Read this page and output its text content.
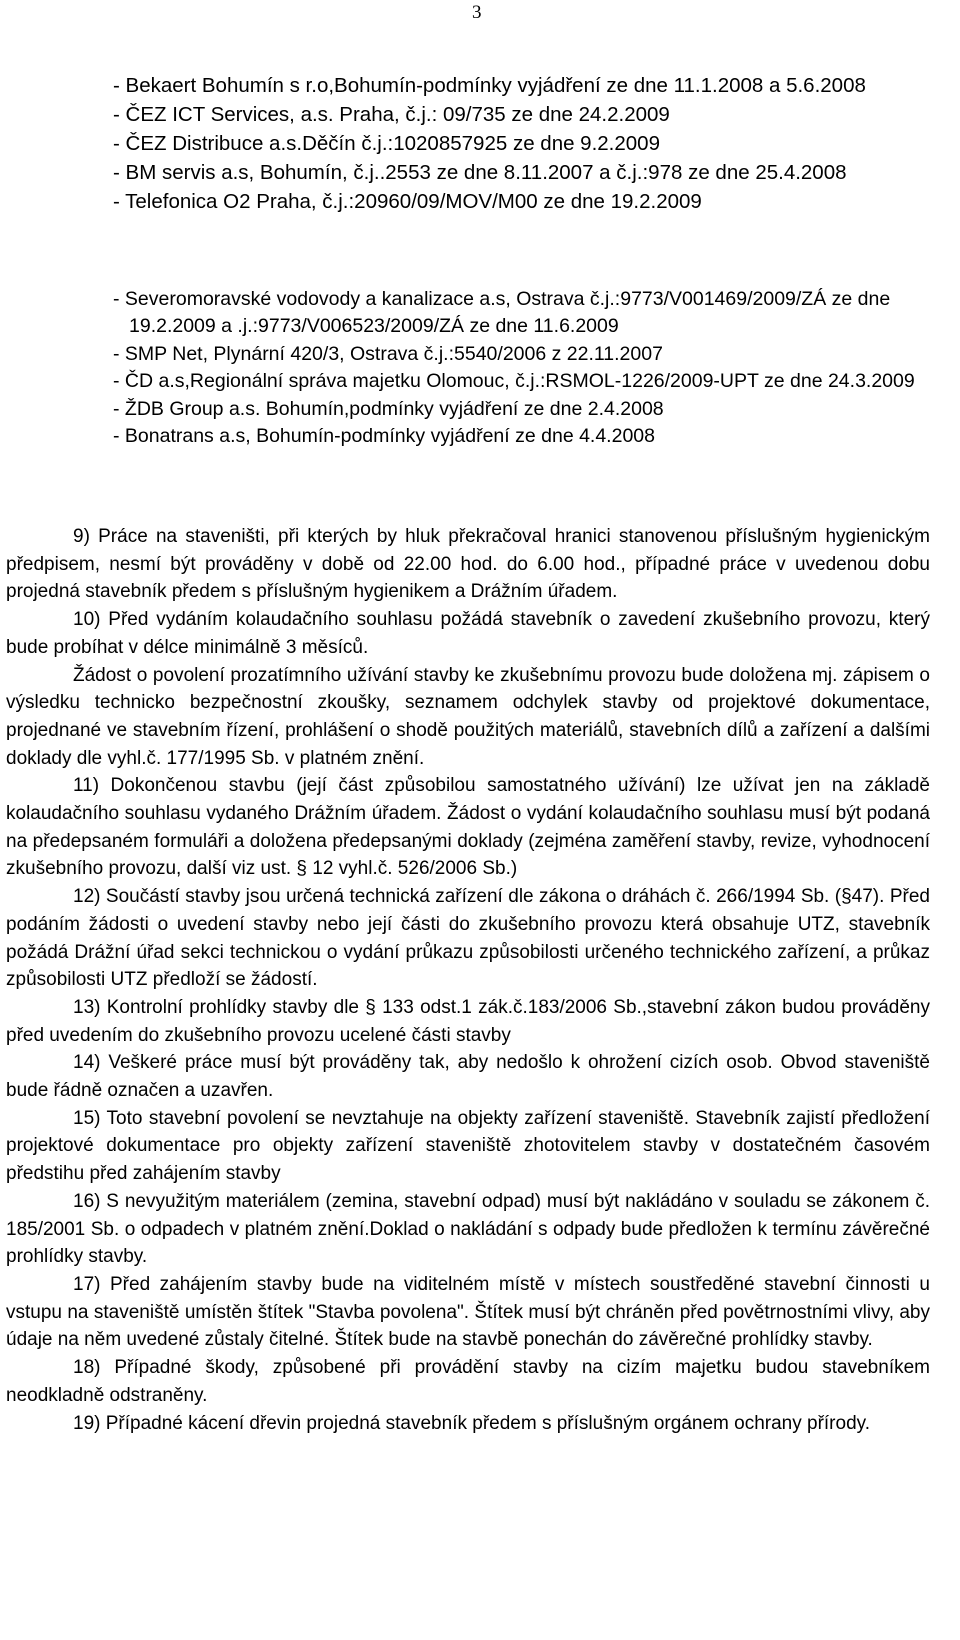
3
- Bekaert Bohumín s r.o,Bohumín-podmínky vyjádření ze dne 11.1.2008 a 5.6.2008
- ČEZ ICT Services, a.s. Praha, č.j.: 09/735 ze dne 24.2.2009
- ČEZ Distribuce a.s.Děčín č.j.:1020857925 ze dne 9.2.2009
- BM servis a.s, Bohumín, č.j..2553 ze dne 8.11.2007 a č.j.:978 ze dne 25.4.2008
- Telefonica O2 Praha, č.j.:20960/09/MOV/M00 ze dne 19.2.2009
- Severomoravské vodovody a kanalizace a.s, Ostrava č.j.:9773/V001469/2009/ZÁ ze dne 19.2.2009 a .j.:9773/V006523/2009/ZÁ ze dne 11.6.2009
- SMP Net, Plynární 420/3, Ostrava č.j.:5540/2006 z 22.11.2007
- ČD a.s,Regionální správa majetku Olomouc, č.j.:RSMOL-1226/2009-UPT ze dne 24.3.2009
- ŽDB Group a.s. Bohumín,podmínky vyjádření ze dne 2.4.2008
- Bonatrans a.s, Bohumín-podmínky vyjádření ze dne 4.4.2008

9) Práce na staveništi, při kterých by hluk překračoval hranici stanovenou příslušným hygienickým předpisem, nesmí být prováděny v době od 22.00 hod. do 6.00 hod., případné práce v uvedenou dobu projedná stavebník předem s příslušným hygienikem a Drážním úřadem.

10) Před vydáním kolaudačního souhlasu požádá stavebník o zavedení zkušebního provozu, který bude probíhat v délce minimálně 3 měsíců.

Žádost o povolení prozatímního užívání stavby ke zkušebnímu provozu bude doložena mj. zápisem o výsledku technicko bezpečnostní zkoušky, seznamem odchylek stavby od projektové dokumentace, projednané ve stavebním řízení, prohlášení o shodě použitých materiálů, stavebních dílů a zařízení a dalšími doklady dle vyhl.č. 177/1995 Sb. v platném znění.

11) Dokončenou stavbu (její část způsobilou samostatného užívání) lze užívat jen na základě kolaudačního souhlasu vydaného Drážním úřadem. Žádost o vydání kolaudačního souhlasu musí být podaná na předepsaném formuláři a doložena předepsanými doklady (zejména zaměření stavby, revize, vyhodnocení zkušebního provozu, další viz ust. § 12 vyhl.č. 526/2006 Sb.)

12) Součástí stavby jsou určená technická zařízení dle zákona o dráhách č. 266/1994 Sb. (§47). Před podáním žádosti o uvedení stavby nebo její části do zkušebního provozu která obsahuje UTZ, stavebník požádá Drážní úřad sekci technickou o vydání průkazu způsobilosti určeného technického zařízení, a průkaz způsobilosti UTZ předloží se žádostí.

13) Kontrolní prohlídky stavby dle § 133 odst.1 zák.č.183/2006 Sb.,stavební zákon budou prováděny před uvedením do zkušebního provozu ucelené části stavby

14) Veškeré práce musí být prováděny tak, aby nedošlo k ohrožení cizích osob. Obvod staveniště bude řádně označen a uzavřen.

15) Toto stavební povolení se nevztahuje na objekty zařízení staveniště. Stavebník zajistí předložení projektové dokumentace pro objekty zařízení staveniště zhotovitelem stavby v dostatečném časovém předstihu před zahájením stavby

16) S nevyužitým materiálem (zemina, stavební odpad) musí být nakládáno v souladu se zákonem č. 185/2001 Sb. o odpadech v platném znění.Doklad o nakládání s odpady bude předložen k termínu závěrečné prohlídky stavby.

17) Před zahájením stavby bude na viditelném místě v místech soustředěné stavební činnosti u vstupu na staveniště umístěn štítek "Stavba povolena". Štítek musí být chráněn před povětrnostními vlivy, aby údaje na něm uvedené zůstaly čitelné. Štítek bude na stavbě ponechán do závěrečné prohlídky stavby.

18) Případné škody, způsobené při provádění stavby na cizím majetku budou stavebníkem neodkladně odstraněny.

19) Případné kácení dřevin projedná stavebník předem s příslušným orgánem ochrany přírody.
